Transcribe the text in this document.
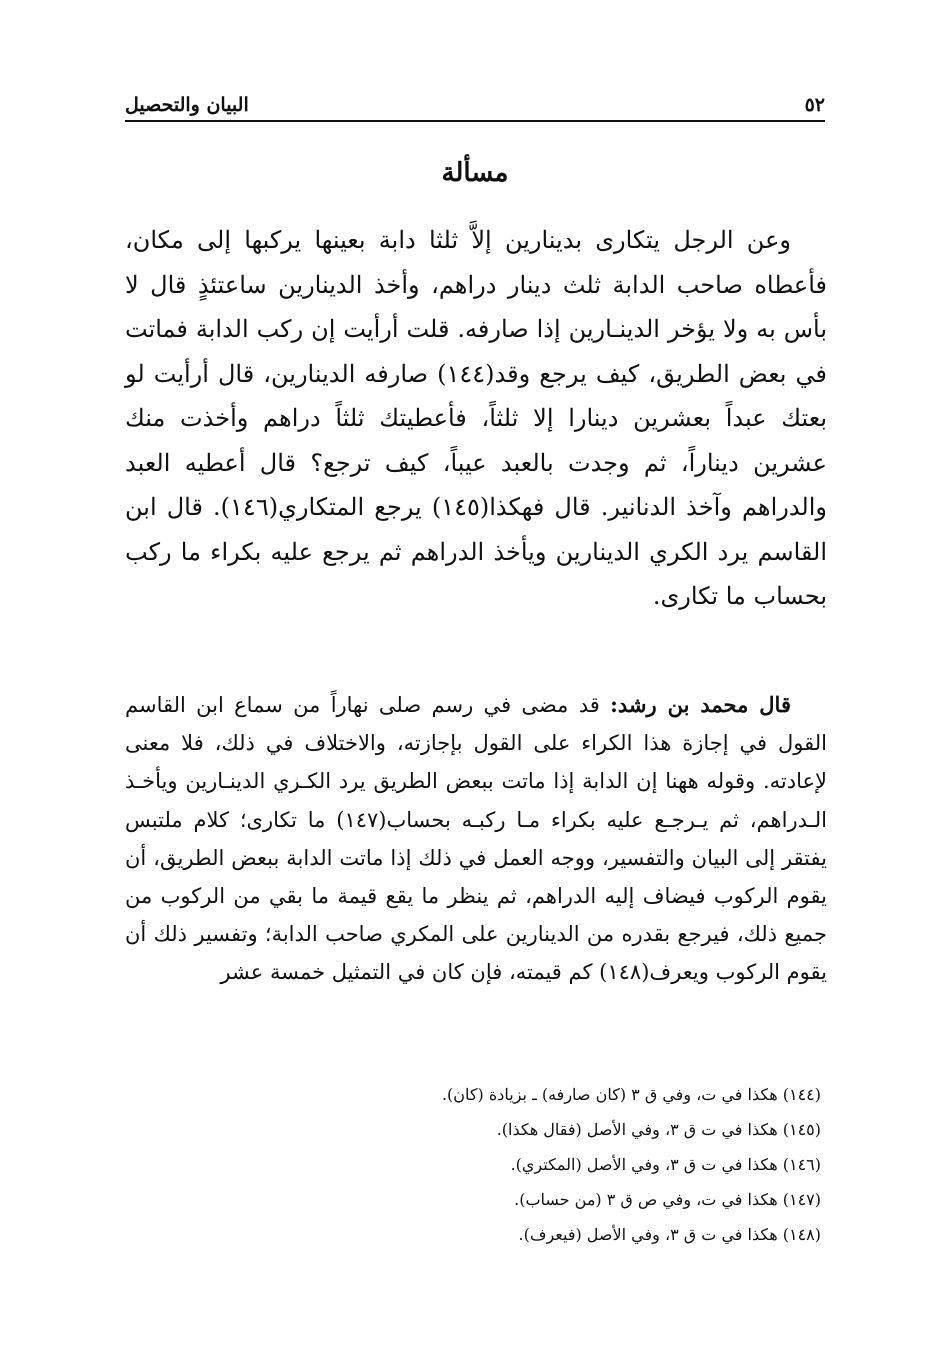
٥٢
البيان والتحصيل
مسألة
وعن الرجل يتكارى بدينارين إلاَّ ثلثا دابة بعينها يركبها إلى مكان، فأعطاه صاحب الدابة ثلث دينار دراهم، وأخذ الدينارين ساعتئذٍ قال لا بأس به ولا يؤخر الدينـارين إذا صارفه. قلت أرأيت إن ركب الدابة فماتت في بعض الطريق، كيف يرجع وقد(١٤٤) صارفه الدينارين، قال أرأيت لو بعتك عبداً بعشرين دينارا إلا ثلثاً، فأعطيتك ثلثاً دراهم وأخذت منك عشرين ديناراً، ثم وجدت بالعبد عيباً، كيف ترجع؟ قال أعطيه العبد والدراهم وآخذ الدنانير. قال فهكذا(١٤٥) يرجع المتكاري(١٤٦). قال ابن القاسم يرد الكري الدينارين ويأخذ الدراهم ثم يرجع عليه بكراء ما ركب بحساب ما تكارى.
قال محمد بن رشد: قد مضى في رسم صلى نهاراً من سماع ابن القاسم القول في إجازة هذا الكراء على القول بإجازته، والاختلاف في ذلك، فلا معنى لإعادته. وقوله ههنا إن الدابة إذا ماتت ببعض الطريق يرد الكـري الدينـارين ويأخـذ الـدراهم، ثم يـرجـع عليه بكراء مـا ركبـه بحساب(١٤٧) ما تكارى؛ كلام ملتبس يفتقر إلى البيان والتفسير، ووجه العمل في ذلك إذا ماتت الدابة ببعض الطريق، أن يقوم الركوب فيضاف إليه الدراهم، ثم ينظر ما يقع قيمة ما بقي من الركوب من جميع ذلك، فيرجع بقدره من الدينارين على المكري صاحب الدابة؛ وتفسير ذلك أن يقوم الركوب ويعرف(١٤٨) كم قيمته، فإن كان في التمثيل خمسة عشر
(١٤٤) هكذا في ت، وفي ق ٣ (كان صارفه) ـ بزيادة (كان).
(١٤٥) هكذا في ت ق ٣، وفي الأصل (فقال هكذا).
(١٤٦) هكذا في ت ق ٣، وفي الأصل (المكتري).
(١٤٧) هكذا في ت، وفي ص ق ٣ (من حساب).
(١٤٨) هكذا في ت ق ٣، وفي الأصل (فيعرف).
